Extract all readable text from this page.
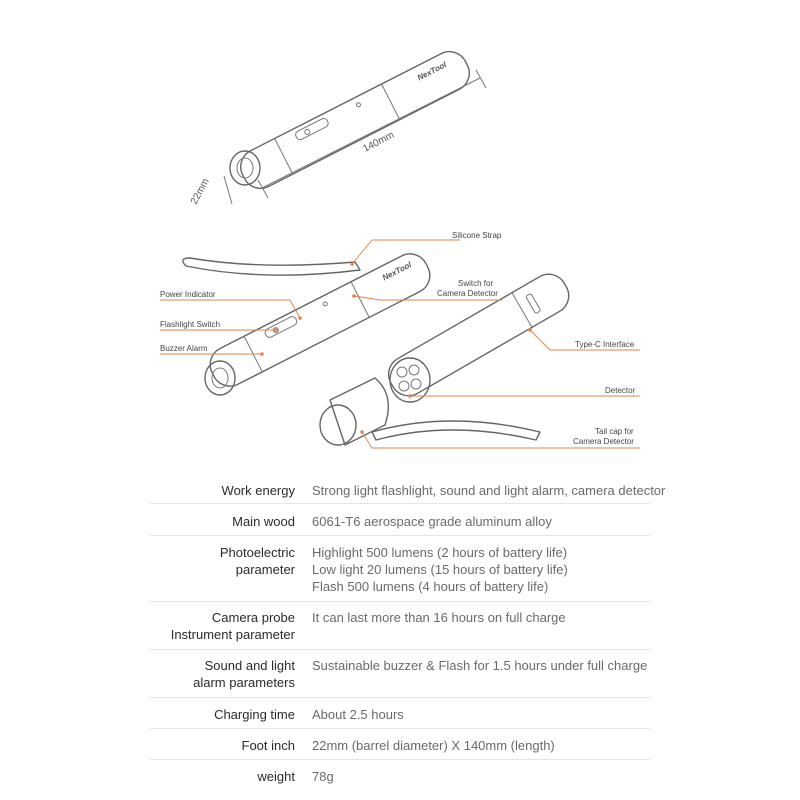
NexTool
140mm
22mm
NexTool
Silicone Strap
Switch for
Camera Detector
Power Indicator
Flashlight Switch
Buzzer Alarm	Type-C Interface
Detector
Tail cap for
Camera Detector
Work energy Strong light flashlight, sound and light alarm, camera detector
Main wood 6061-T6 aerospace grade aluminum alloy
Photoelectric
parameter
Highlight 500 lumens (2 hours of battery life)
Low light 20 lumens (15 hours of battery life)
Flash 500 lumens (4 hours of battery life)
Camera probe
Instrument parameter
It can last more than 16 hours on full charge
Sound and light
alarm parameters
Sustainable buzzer & Flash for 1.5 hours under full charge
Charging time About 2.5 hours
Foot inch 22mm (barrel diameter) X 140mm (length)
weight 78g
